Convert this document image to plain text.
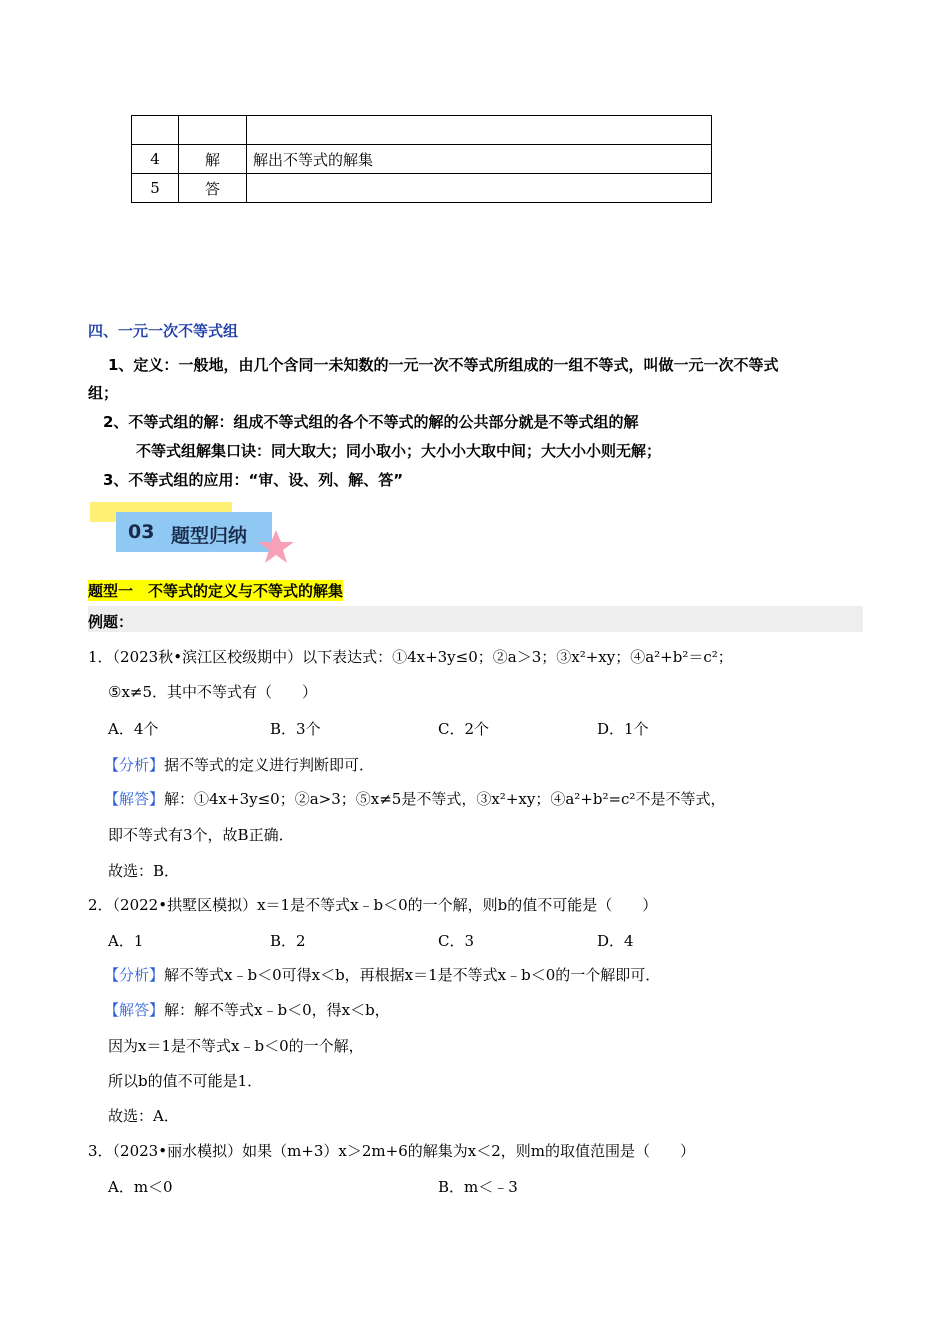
4	解	解出不等式的解集
5	答	
四、一元一次不等式组
1、定义：一般地，由几个含同一未知数的一元一次不等式所组成的一组不等式，叫做一元一次不等式
组；
2、不等式组的解：组成不等式组的各个不等式的解的公共部分就是不等式组的解
不等式组解集口诀：同大取大；同小取小；大小小大取中间；大大小小则无解；
3、不等式组的应用：“审、设、列、解、答”
03 题型归纳
题型一　不等式的定义与不等式的解集
例题：
1．（2023秋•滨江区校级期中）以下表达式：①4x+3y≤0；②a＞3；③x²+xy；④a²+b²＝c²；
⑤x≠5．其中不等式有（　　）
A．4个	B．3个	C．2个	D．1个
【分析】据不等式的定义进行判断即可．
【解答】解：①4x+3y≤0；②a>3；⑤x≠5是不等式，③x²+xy；④a²+b²=c²不是不等式，
即不等式有3个，故B正确．
故选：B．
2．（2022•拱墅区模拟）x＝1是不等式x﹣b＜0的一个解，则b的值不可能是（　　）
A．1	B．2	C．3	D．4
【分析】解不等式x﹣b＜0可得x＜b，再根据x＝1是不等式x﹣b＜0的一个解即可．
【解答】解：解不等式x﹣b＜0，得x＜b，
因为x＝1是不等式x﹣b＜0的一个解，
所以b的值不可能是1．
故选：A．
3．（2023•丽水模拟）如果（m+3）x＞2m+6的解集为x＜2，则m的取值范围是（　　）
A．m＜0	B．m＜﹣3
